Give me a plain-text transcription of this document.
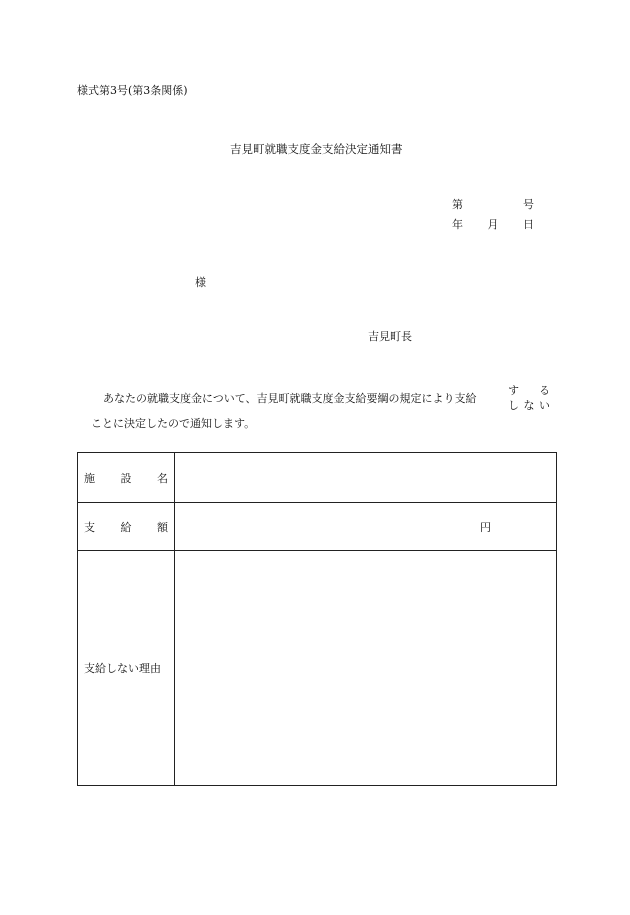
様式第3号(第3条関係)
吉見町就職支度金支給決定通知書
第	号
年 月 日
様
吉見町長
あなたの就職支度金について、吉見町就職支度金支給要綱の規定により支給
す る
し な い
ことに決定したので通知します。
施 設 名
支 給 額	円
支給しない理由
